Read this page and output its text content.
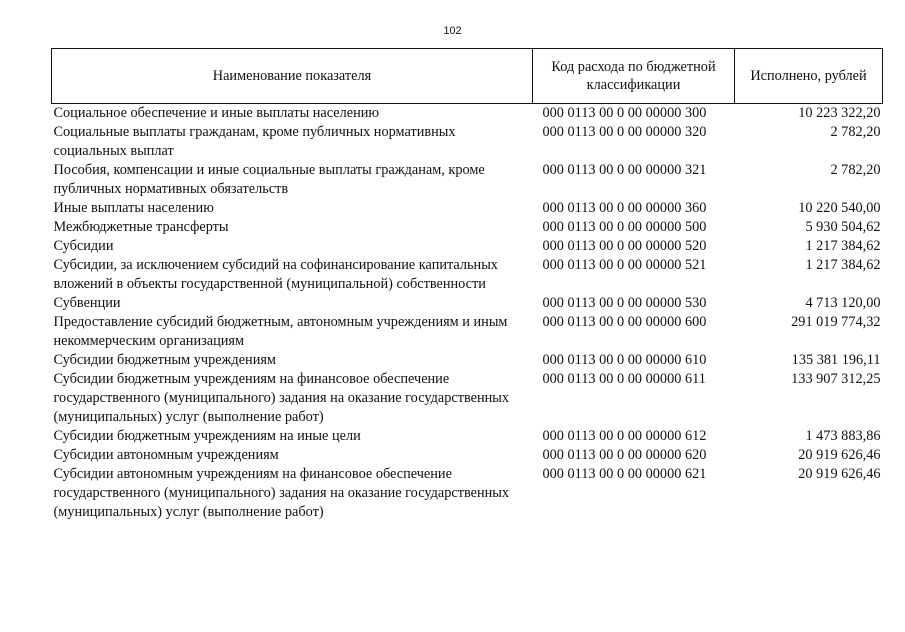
102
Наименование показателя	Код расхода по бюджетной классификации	Исполнено, рублей
Социальное обеспечение и иные выплаты населению	000 0113 00 0 00 00000 300	10 223 322,20
Социальные выплаты гражданам, кроме публичных нормативных социальных выплат	000 0113 00 0 00 00000 320	2 782,20
Пособия, компенсации и иные социальные выплаты гражданам, кроме публичных нормативных обязательств	000 0113 00 0 00 00000 321	2 782,20
Иные выплаты населению	000 0113 00 0 00 00000 360	10 220 540,00
Межбюджетные трансферты	000 0113 00 0 00 00000 500	5 930 504,62
Субсидии	000 0113 00 0 00 00000 520	1 217 384,62
Субсидии, за исключением субсидий на софинансирование капитальных вложений в объекты государственной (муниципальной) собственности	000 0113 00 0 00 00000 521	1 217 384,62
Субвенции	000 0113 00 0 00 00000 530	4 713 120,00
Предоставление субсидий бюджетным, автономным учреждениям и иным некоммерческим организациям	000 0113 00 0 00 00000 600	291 019 774,32
Субсидии бюджетным учреждениям	000 0113 00 0 00 00000 610	135 381 196,11
Субсидии бюджетным учреждениям на финансовое обеспечение государственного (муниципального) задания на оказание государственных (муниципальных) услуг (выполнение работ)	000 0113 00 0 00 00000 611	133 907 312,25
Субсидии бюджетным учреждениям на иные цели	000 0113 00 0 00 00000 612	1 473 883,86
Субсидии автономным учреждениям	000 0113 00 0 00 00000 620	20 919 626,46
Субсидии автономным учреждениям на финансовое обеспечение государственного (муниципального) задания на оказание государственных (муниципальных) услуг (выполнение работ)	000 0113 00 0 00 00000 621	20 919 626,46
